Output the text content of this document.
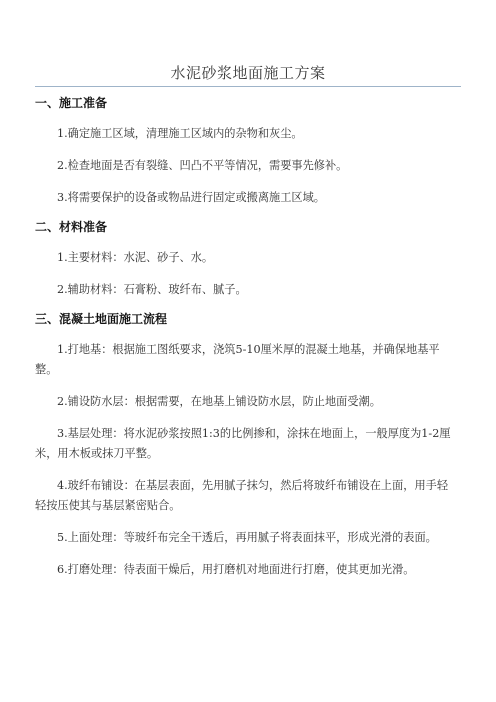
水泥砂浆地面施工方案
一、施工准备

1.确定施工区域，清理施工区域内的杂物和灰尘。

2.检查地面是否有裂缝、凹凸不平等情况，需要事先修补。

3.将需要保护的设备或物品进行固定或搬离施工区域。

二、材料准备

1.主要材料：水泥、砂子、水。

2.辅助材料：石膏粉、玻纤布、腻子。

三、混凝土地面施工流程

1.打地基：根据施工图纸要求，浇筑5-10厘米厚的混凝土地基，并确保地基平整。

2.铺设防水层：根据需要，在地基上铺设防水层，防止地面受潮。

3.基层处理：将水泥砂浆按照1:3的比例掺和，涂抹在地面上，一般厚度为1-2厘米，用木板或抹刀平整。

4.玻纤布铺设：在基层表面，先用腻子抹匀，然后将玻纤布铺设在上面，用手轻轻按压使其与基层紧密贴合。

5.上面处理：等玻纤布完全干透后，再用腻子将表面抹平，形成光滑的表面。

6.打磨处理：待表面干燥后，用打磨机对地面进行打磨，使其更加光滑。
